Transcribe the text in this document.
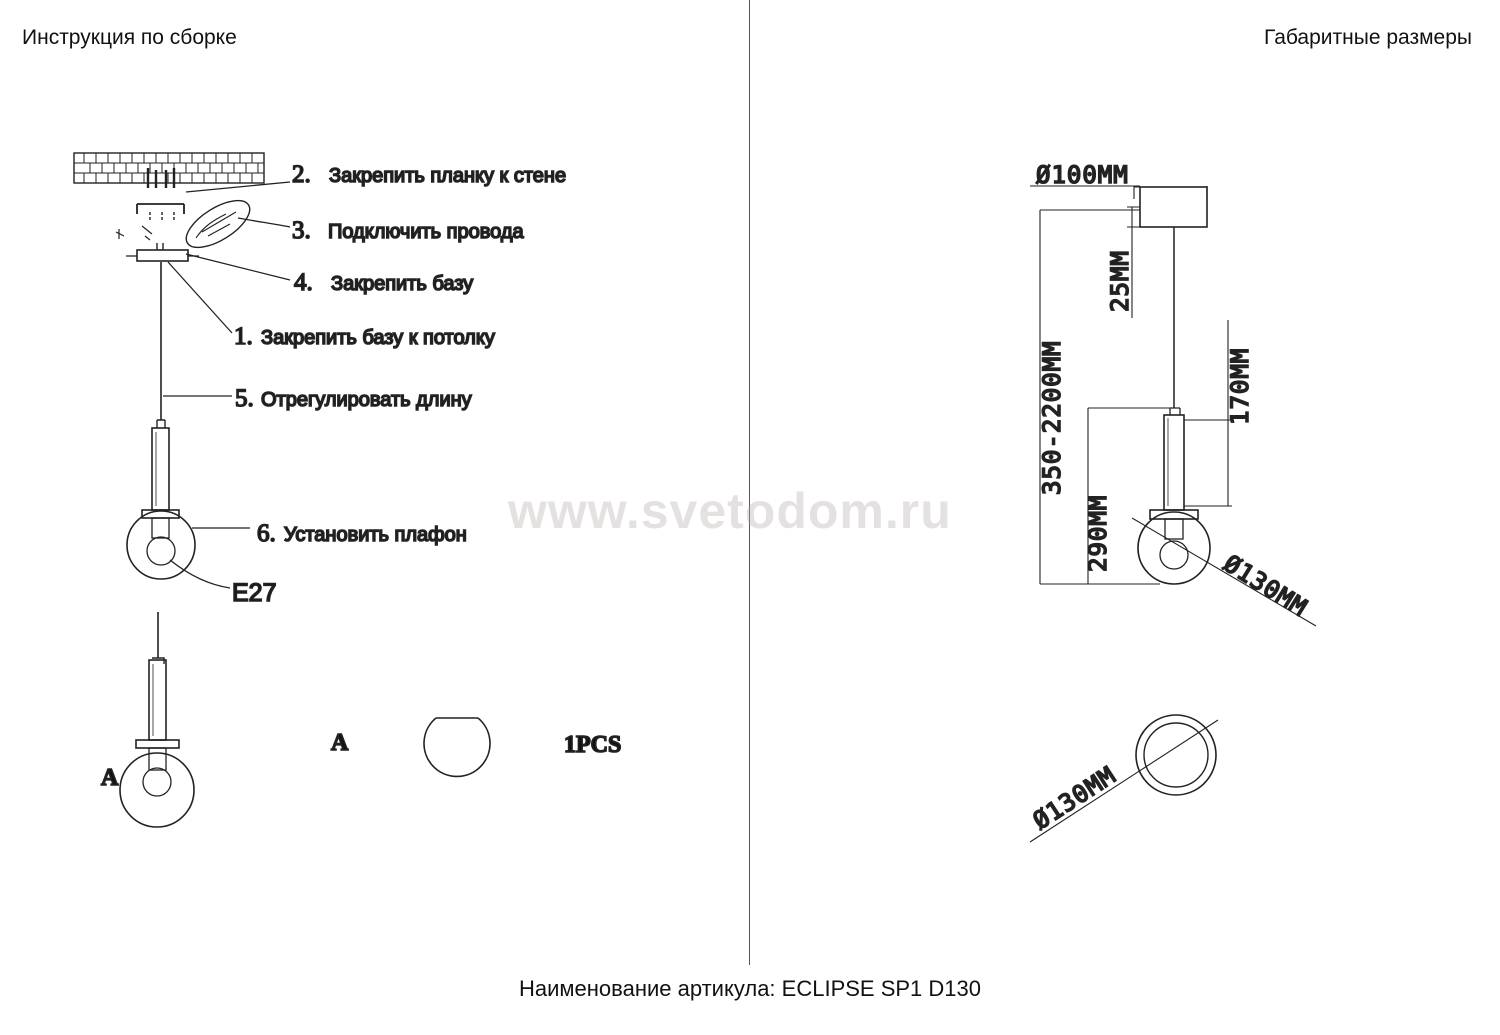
Инструкция по сборке	Габаритные размеры
2. Закрепить планку к стене
3. Подключить провода
4. Закрепить базу
1. Закрепить базу к потолку
5. Отрегулировать длину
6. Установить плафон
E27
A
A	1PCS
Ø100MM
25MM
350-2200MM	170MM
290MM
Ø130MM
Ø130MM
www.svetodom.ru
Наименование артикула: ECLIPSE SP1 D130
